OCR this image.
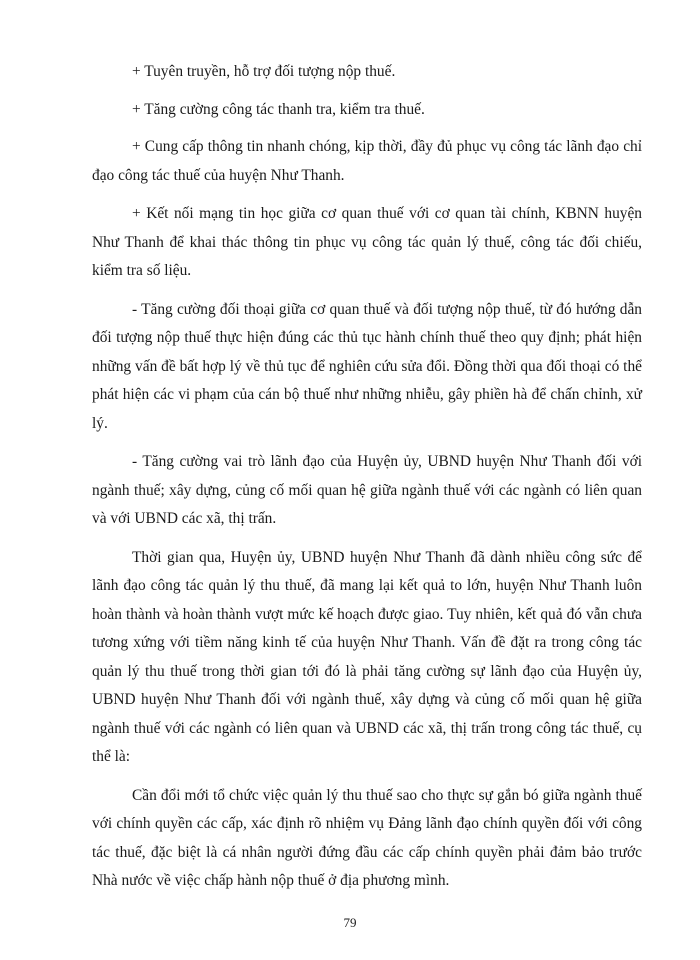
+ Tuyên truyền, hỗ trợ đối tượng nộp thuế.

+ Tăng cường công tác thanh tra, kiểm tra thuế.

+ Cung cấp thông tin nhanh chóng, kịp thời, đầy đủ phục vụ công tác lãnh đạo chỉ đạo công tác thuế của huyện Như Thanh.

+ Kết nối mạng tin học giữa cơ quan thuế với cơ quan tài chính, KBNN huyện Như Thanh để khai thác thông tin phục vụ công tác quản lý thuế, công tác đối chiếu, kiểm tra số liệu.

- Tăng cường đối thoại giữa cơ quan thuế và đối tượng nộp thuế, từ đó hướng dẫn đối tượng nộp thuế thực hiện đúng các thủ tục hành chính thuế theo quy định; phát hiện những vấn đề bất hợp lý về thủ tục để nghiên cứu sửa đổi. Đồng thời qua đối thoại có thể phát hiện các vi phạm của cán bộ thuế như những nhiễu, gây phiền hà để chấn chỉnh, xử lý.

- Tăng cường vai trò lãnh đạo của Huyện ủy, UBND huyện Như Thanh đối với ngành thuế; xây dựng, củng cố mối quan hệ giữa ngành thuế với các ngành có liên quan và với UBND các xã, thị trấn.

Thời gian qua, Huyện ủy, UBND huyện Như Thanh đã dành nhiều công sức để lãnh đạo công tác quản lý thu thuế, đã mang lại kết quả to lớn, huyện Như Thanh luôn hoàn thành và hoàn thành vượt mức kế hoạch được giao. Tuy nhiên, kết quả đó vẫn chưa tương xứng với tiềm năng kinh tế của huyện Như Thanh. Vấn đề đặt ra trong công tác quản lý thu thuế trong thời gian tới đó là phải tăng cường sự lãnh đạo của Huyện ủy, UBND huyện Như Thanh đối với ngành thuế, xây dựng và củng cố mối quan hệ giữa ngành thuế với các ngành có liên quan và UBND các xã, thị trấn trong công tác thuế, cụ thể là:

Cần đổi mới tổ chức việc quản lý thu thuế sao cho thực sự gắn bó giữa ngành thuế với chính quyền các cấp, xác định rõ nhiệm vụ Đảng lãnh đạo chính quyền đối với công tác thuế, đặc biệt là cá nhân người đứng đầu các cấp chính quyền phải đảm bảo trước Nhà nước về việc chấp hành nộp thuế ở địa phương mình.

79
